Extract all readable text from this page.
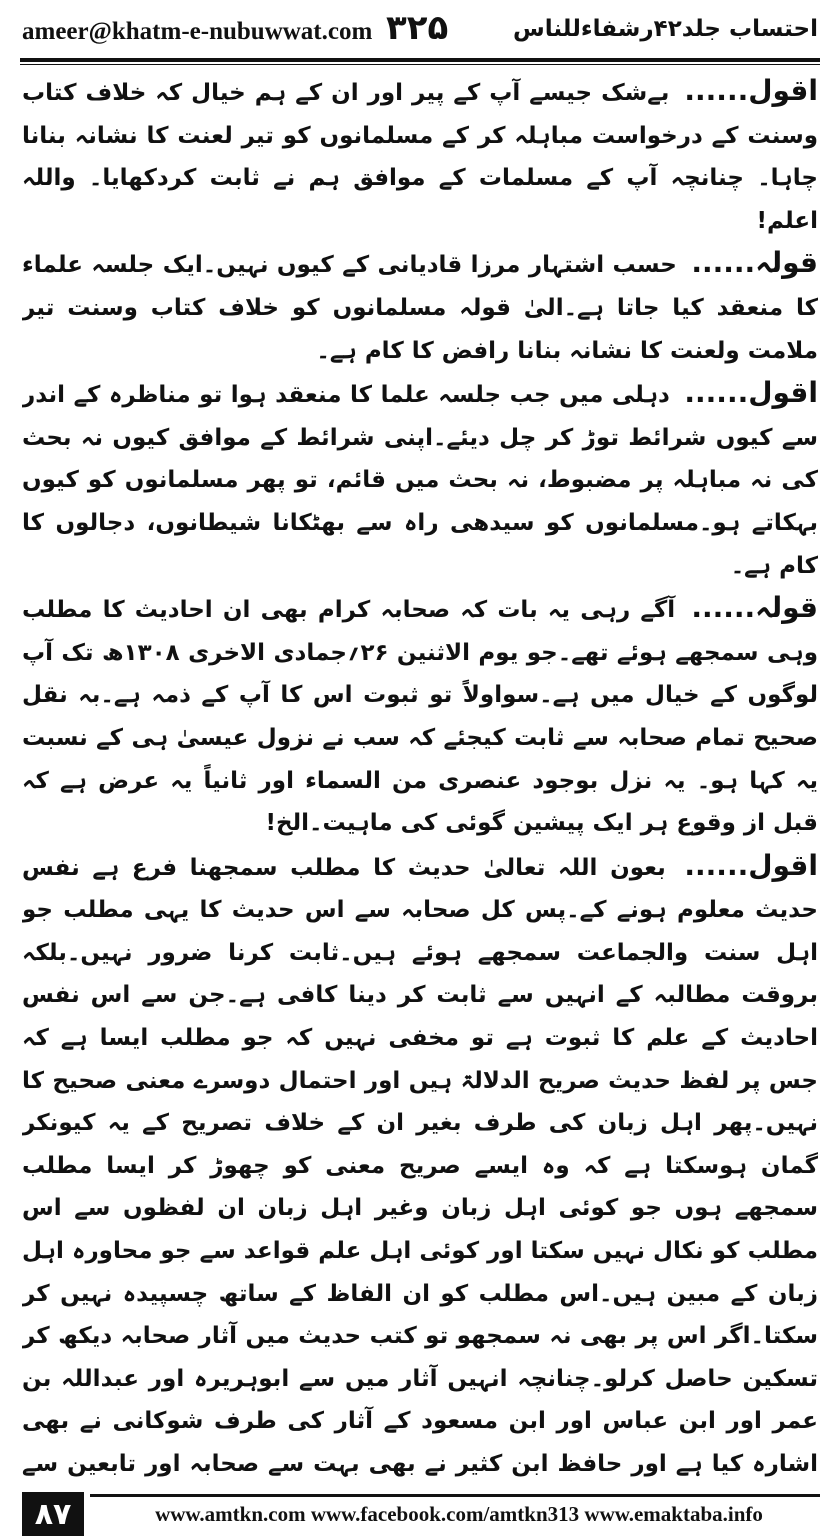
ameer@khatm-e-nubuwwat.com ۳۲۵	احتساب جلد۴۲رشفاءللناس

اقول...... بےشک جیسے آپ کے پیر اور ان کے ہم خیال کہ خلاف کتاب وسنت کے درخواست مباہلہ کر کے مسلمانوں کو تیر لعنت کا نشانہ بنانا چاہا۔ چنانچہ آپ کے مسلمات کے موافق ہم نے ثابت کردکھایا۔ واللہ اعلم!

قولہ...... حسب اشتہار مرزا قادیانی کے کیوں نہیں۔ایک جلسہ علماء کا منعقد کیا جاتا ہے۔الیٰ قولہ مسلمانوں کو خلاف کتاب وسنت تیر ملامت ولعنت کا نشانہ بنانا رافض کا کام ہے۔

اقول...... دہلی میں جب جلسہ علما کا منعقد ہوا تو مناظرہ کے اندر سے کیوں شرائط توڑ کر چل دیئے۔اپنی شرائط کے موافق کیوں نہ بحث کی نہ مباہلہ پر مضبوط، نہ بحث میں قائم، تو پھر مسلمانوں کو کیوں بہکاتے ہو۔مسلمانوں کو سیدھی راہ سے بھٹکانا شیطانوں، دجالوں کا کام ہے۔

قولہ...... آگے رہی یہ بات کہ صحابہ کرام بھی ان احادیث کا مطلب وہی سمجھے ہوئے تھے۔جو یوم الاثنین ۲۶؍جمادی الاخری ۱۳۰۸ھ تک آپ لوگوں کے خیال میں ہے۔سواولاً تو ثبوت اس کا آپ کے ذمہ ہے۔بہ نقل صحیح تمام صحابہ سے ثابت کیجئے کہ سب نے نزول عیسیٰ ہی کے نسبت یہ کہا ہو۔ یہ نزل بوجود عنصری من السماء اور ثانیاً یہ عرض ہے کہ قبل از وقوع ہر ایک پیشین گوئی کی ماہیت۔الخ!

اقول...... بعون اللہ تعالیٰ حدیث کا مطلب سمجھنا فرع ہے نفس حدیث معلوم ہونے کے۔پس کل صحابہ سے اس حدیث کا یہی مطلب جو اہل سنت والجماعت سمجھے ہوئے ہیں۔ثابت کرنا ضرور نہیں۔بلکہ بروقت مطالبہ کے انہیں سے ثابت کر دینا کافی ہے۔جن سے اس نفس احادیث کے علم کا ثبوت ہے تو مخفی نہیں کہ جو مطلب ایسا ہے کہ جس پر لفظ حدیث صریح الدلالۃ ہیں اور احتمال دوسرے معنی صحیح کا نہیں۔پھر اہل زبان کی طرف بغیر ان کے خلاف تصریح کے یہ کیونکر گمان ہوسکتا ہے کہ وہ ایسے صریح معنی کو چھوڑ کر ایسا مطلب سمجھے ہوں جو کوئی اہل زبان وغیر اہل زبان ان لفظوں سے اس مطلب کو نکال نہیں سکتا اور کوئی اہل علم قواعد سے جو محاورہ اہل زبان کے مبین ہیں۔اس مطلب کو ان الفاظ کے ساتھ چسپیدہ نہیں کر سکتا۔اگر اس پر بھی نہ سمجھو تو کتب حدیث میں آثار صحابہ دیکھ کر تسکین حاصل کرلو۔چنانچہ انہیں آثار میں سے ابوہریرہ اور عبداللہ بن عمر اور ابن عباس اور ابن مسعود کے آثار کی طرف شوکانی نے بھی اشارہ کیا ہے اور حافظ ابن کثیر نے بھی بہت سے صحابہ اور تابعین سے

۸۷	www.amtkn.com www.facebook.com/amtkn313 www.emaktaba.info
